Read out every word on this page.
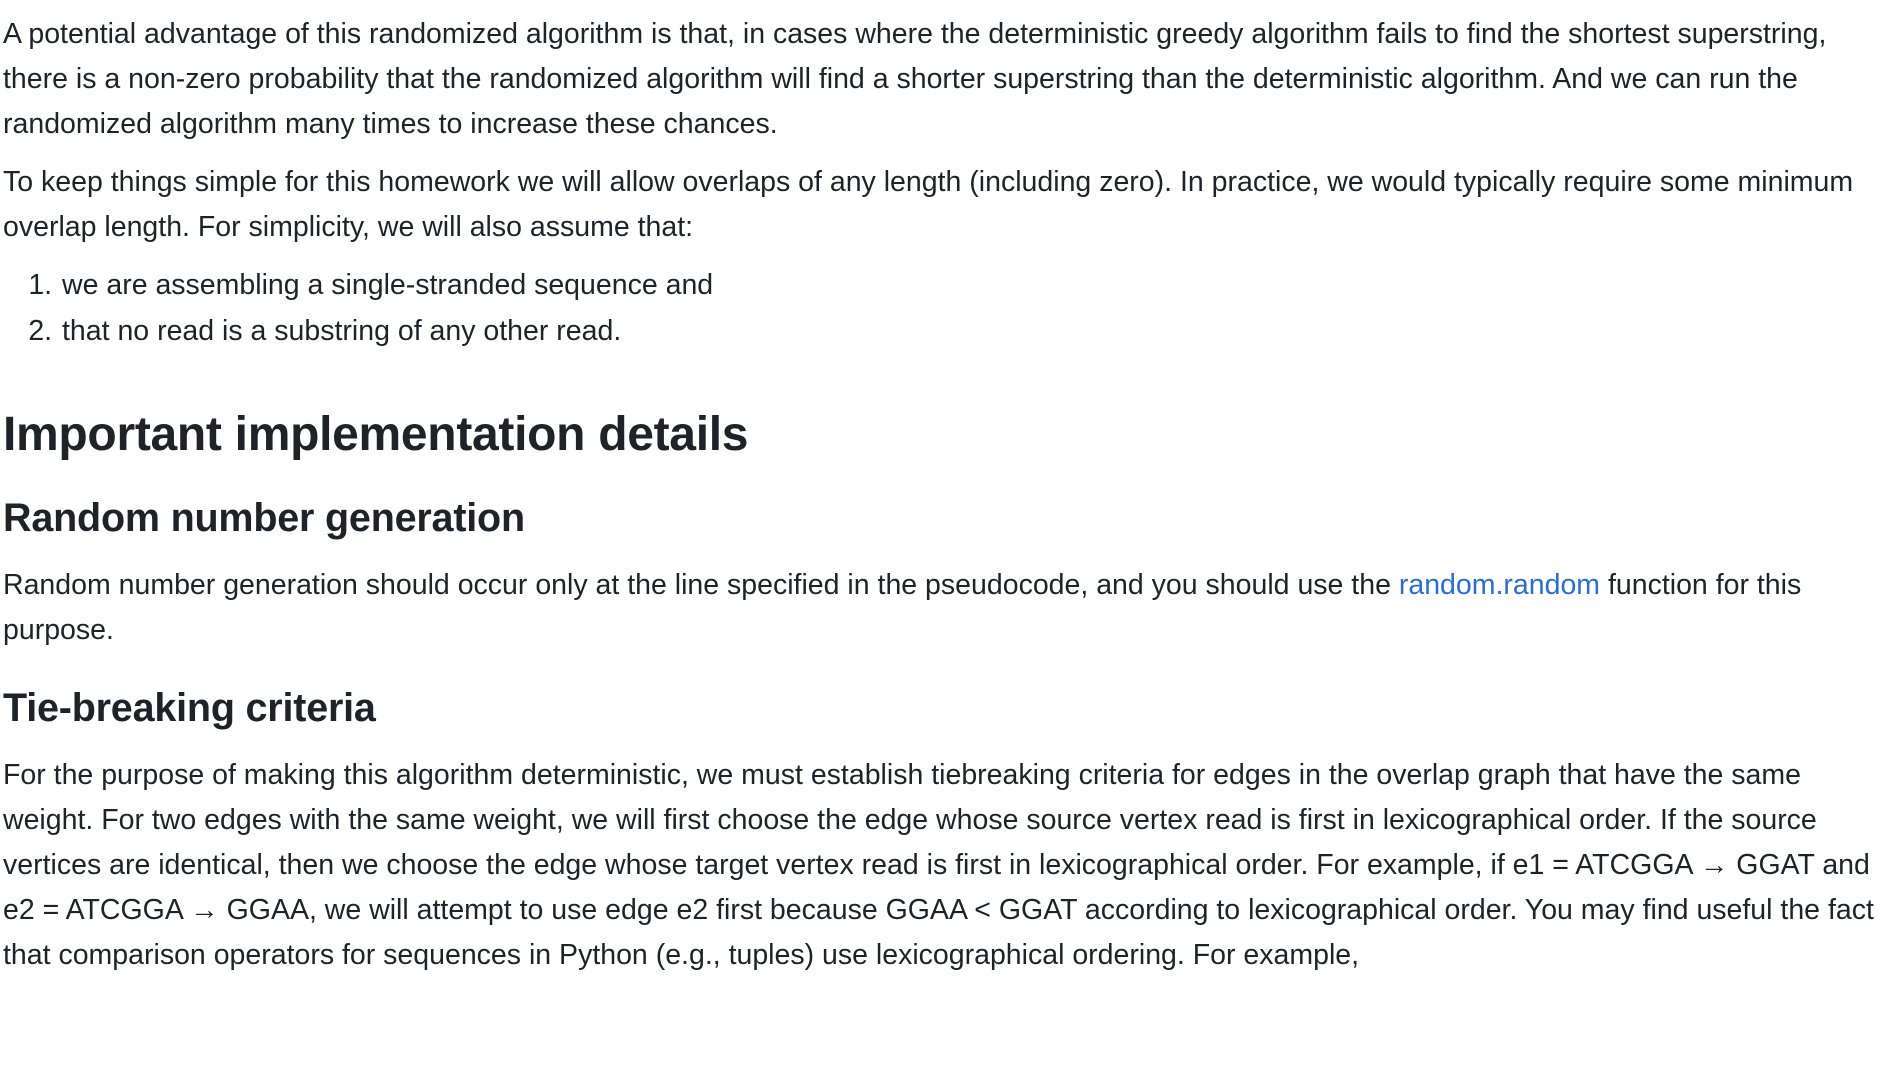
A potential advantage of this randomized algorithm is that, in cases where the deterministic greedy algorithm fails to find the shortest superstring, there is a non-zero probability that the randomized algorithm will find a shorter superstring than the deterministic algorithm. And we can run the randomized algorithm many times to increase these chances.

To keep things simple for this homework we will allow overlaps of any length (including zero). In practice, we would typically require some minimum overlap length. For simplicity, we will also assume that:

1. we are assembling a single-stranded sequence and
2. that no read is a substring of any other read.
Important implementation details
Random number generation

Random number generation should occur only at the line specified in the pseudocode, and you should use the random.random function for this purpose.

Tie-breaking criteria

For the purpose of making this algorithm deterministic, we must establish tiebreaking criteria for edges in the overlap graph that have the same weight. For two edges with the same weight, we will first choose the edge whose source vertex read is first in lexicographical order. If the source vertices are identical, then we choose the edge whose target vertex read is first in lexicographical order. For example, if e1 = ATCGGA → GGAT and e2 = ATCGGA → GGAA, we will attempt to use edge e2 first because GGAA < GGAT according to lexicographical order. You may find useful the fact that comparison operators for sequences in Python (e.g., tuples) use lexicographical ordering. For example,
